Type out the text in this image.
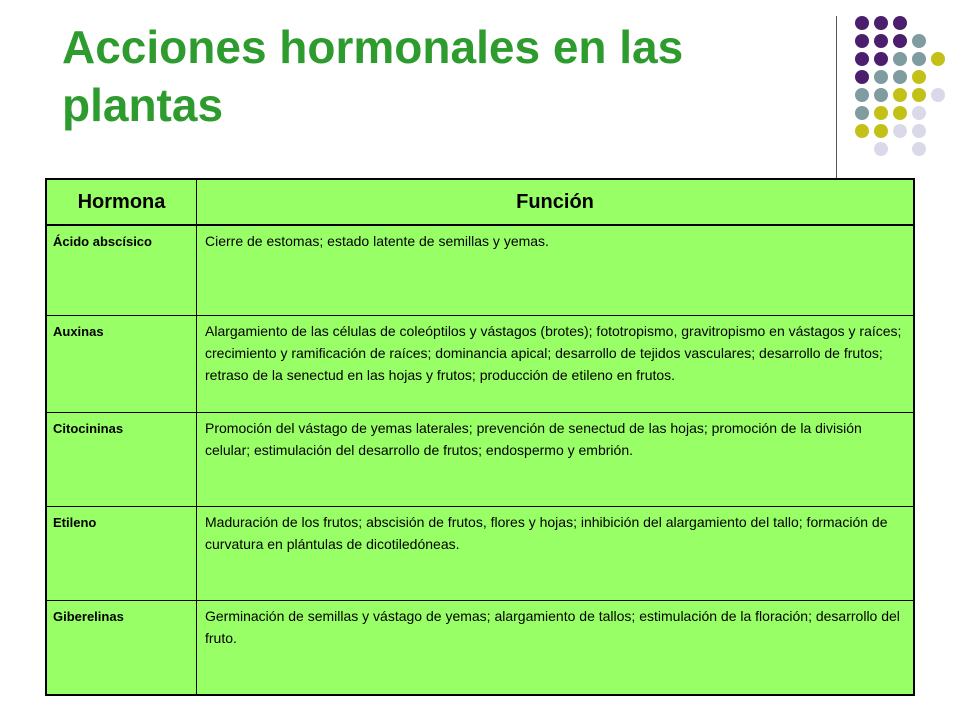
Acciones hormonales en las plantas
Hormona	Función
Ácido abscísico	Cierre de estomas; estado latente de semillas y yemas.
Auxinas	Alargamiento de las células de coleóptilos y vástagos (brotes); fototropismo, gravitropismo en vástagos y raíces; crecimiento y ramificación de raíces; dominancia apical; desarrollo de tejidos vasculares; desarrollo de frutos; retraso de la senectud en las hojas y frutos; producción de etileno en frutos.
Citocininas	Promoción del vástago de yemas laterales; prevención de senectud de las hojas; promoción de la división celular; estimulación del desarrollo de frutos; endospermo y embrión.
Etileno	Maduración de los frutos; abscisión de frutos, flores y hojas; inhibición del alargamiento del tallo; formación de curvatura en plántulas de dicotiledóneas.
Giberelinas	Germinación de semillas y vástago de yemas; alargamiento de tallos; estimulación de la floración; desarrollo del fruto.
